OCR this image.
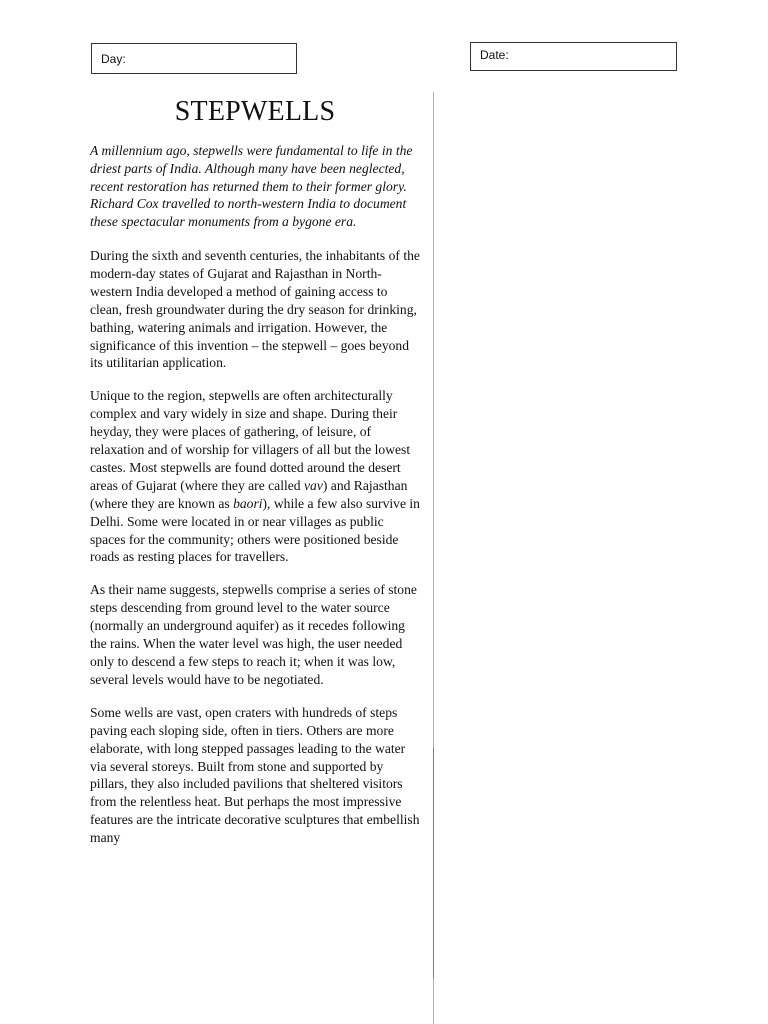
Day:	Date:
STEPWELLS

A millennium ago, stepwells were fundamental to life in the driest parts of India. Although many have been neglected, recent restoration has returned them to their former glory. Richard Cox travelled to north-western India to document these spectacular monuments from a bygone era.

During the sixth and seventh centuries, the inhabitants of the modern-day states of Gujarat and Rajasthan in North-western India developed a method of gaining access to clean, fresh groundwater during the dry season for drinking, bathing, watering animals and irrigation. However, the significance of this invention – the stepwell – goes beyond its utilitarian application.

Unique to the region, stepwells are often architecturally complex and vary widely in size and shape. During their heyday, they were places of gathering, of leisure, of relaxation and of worship for villagers of all but the lowest castes. Most stepwells are found dotted around the desert areas of Gujarat (where they are called vav) and Rajasthan (where they are known as baori), while a few also survive in Delhi. Some were located in or near villages as public spaces for the community; others were positioned beside roads as resting places for travellers.

As their name suggests, stepwells comprise a series of stone steps descending from ground level to the water source (normally an underground aquifer) as it recedes following the rains. When the water level was high, the user needed only to descend a few steps to reach it; when it was low, several levels would have to be negotiated.

Some wells are vast, open craters with hundreds of steps paving each sloping side, often in tiers. Others are more elaborate, with long stepped passages leading to the water via several storeys. Built from stone and supported by pillars, they also included pavilions that sheltered visitors from the relentless heat. But perhaps the most impressive features are the intricate decorative sculptures that embellish many
